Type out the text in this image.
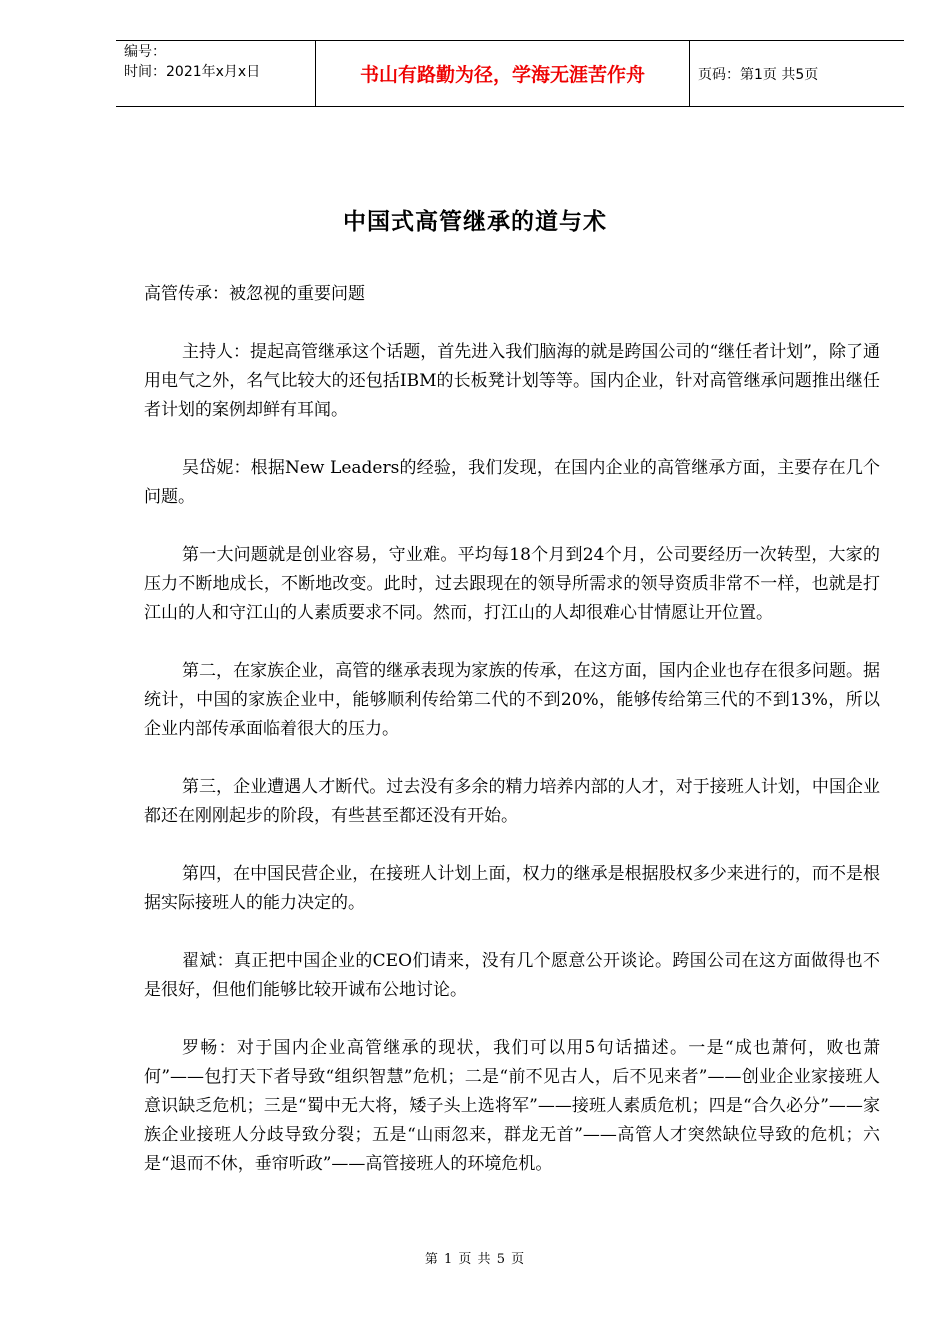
编号：
时间：2021年x月x日	书山有路勤为径，学海无涯苦作舟	页码：第1页 共5页
中国式高管继承的道与术

高管传承：被忽视的重要问题

主持人：提起高管继承这个话题，首先进入我们脑海的就是跨国公司的“继任者计划”，除了通用电气之外，名气比较大的还包括IBM的长板凳计划等等。国内企业，针对高管继承问题推出继任者计划的案例却鲜有耳闻。

吴岱妮：根据New Leaders的经验，我们发现，在国内企业的高管继承方面，主要存在几个问题。

第一大问题就是创业容易，守业难。平均每18个月到24个月，公司要经历一次转型，大家的压力不断地成长，不断地改变。此时，过去跟现在的领导所需求的领导资质非常不一样，也就是打江山的人和守江山的人素质要求不同。然而，打江山的人却很难心甘情愿让开位置。

第二，在家族企业，高管的继承表现为家族的传承，在这方面，国内企业也存在很多问题。据统计，中国的家族企业中，能够顺利传给第二代的不到20%，能够传给第三代的不到13%，所以企业内部传承面临着很大的压力。

第三，企业遭遇人才断代。过去没有多余的精力培养内部的人才，对于接班人计划，中国企业都还在刚刚起步的阶段，有些甚至都还没有开始。

第四，在中国民营企业，在接班人计划上面，权力的继承是根据股权多少来进行的，而不是根据实际接班人的能力决定的。

翟斌：真正把中国企业的CEO们请来，没有几个愿意公开谈论。跨国公司在这方面做得也不是很好，但他们能够比较开诚布公地讨论。

罗畅：对于国内企业高管继承的现状，我们可以用5句话描述。一是“成也萧何，败也萧何”——包打天下者导致“组织智慧”危机；二是“前不见古人，后不见来者”——创业企业家接班人意识缺乏危机；三是“蜀中无大将，矮子头上选将军”——接班人素质危机；四是“合久必分”——家族企业接班人分歧导致分裂；五是“山雨忽来，群龙无首”——高管人才突然缺位导致的危机；六是“退而不休，垂帘听政”——高管接班人的环境危机。

第 1 页 共 5 页
